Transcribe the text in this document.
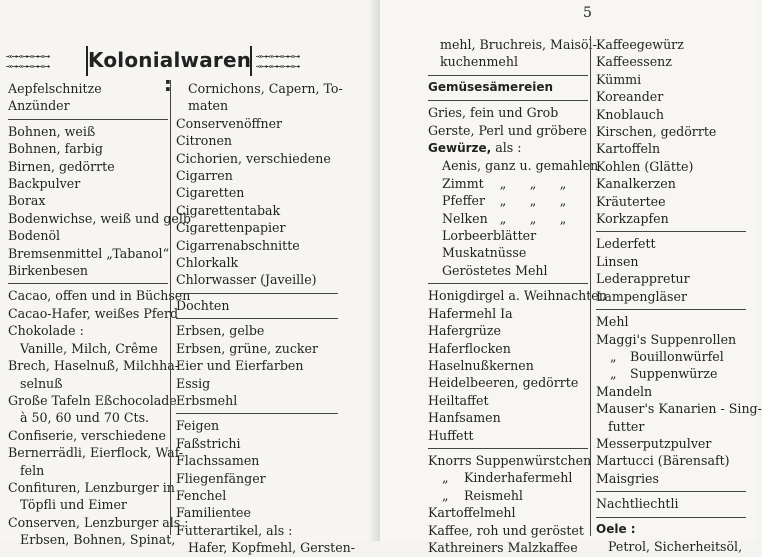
⊸⊶⊸⊶⊸⊶⊸⊶
⊸⊶⊸⊶⊸⊶⊸⊶ Kolonialwaren :
⊸⊶⊸⊶⊸⊶⊸⊶
⊸⊶⊸⊶⊸⊶⊸⊶
Aepfelschnitze
Anzünder
Bohnen, weiß
Bohnen, farbig
Birnen, gedörrte
Backpulver
Borax
Bodenwichse, weiß und gelb
Bodenöl
Bremsenmittel „Tabanol“
Birkenbesen
Cacao, offen und in Büchsen
Cacao-Hafer, weißes Pferd
Chokolade :
Vanille, Milch, Crême
Brech, Haselnuß, Milchha-
selnuß
Große Tafeln Eßchocolade
à 50, 60 und 70 Cts.
Confiserie, verschiedene
Bernerrädli, Eierflock, Waf-
feln
Confituren, Lenzburger in
Töpfli und Eimer
Conserven, Lenzburger als :
Erbsen, Bohnen, Spinat,
Cornichons, Capern, To-
maten
Conservenöffner
Citronen
Cichorien, verschiedene
Cigarren
Cigaretten
Cigarettentabak
Cigarettenpapier
Cigarrenabschnitte
Chlorkalk
Chlorwasser (Javeille)
Dochten
Erbsen, gelbe
Erbsen, grüne, zucker
Eier und Eierfarben
Essig
Erbsmehl
Feigen
Faßstrichi
Flachssamen
Fliegenfänger
Fenchel
Familientee
Futterartikel, als :
Hafer, Kopfmehl, Gersten-
5
mehl, Bruchreis, Maisöl-
kuchenmehl
Gemüsesämereien
Gries, fein und Grob
Gerste, Perl und gröbere
Gewürze, als :
Aenis, ganz u. gemahlen
Zimmt „ „ „
Pfeffer „ „ „
Nelken „ „ „
Lorbeerblätter
Muskatnüsse
Geröstetes Mehl
Honigdirgel a. Weihnachten
Hafermehl Ia
Hafergrüze
Haferflocken
Haselnußkernen
Heidelbeeren, gedörrte
Heiltaffet
Hanfsamen
Huffett
Knorrs Suppenwürstchen
„ Kinderhafermehl
„ Reismehl
Kartoffelmehl
Kaffee, roh und geröstet
Kathreiners Malzkaffee
Kaffeegewürz
Kaffeessenz
Kümmi
Koreander
Knoblauch
Kirschen, gedörrte
Kartoffeln
Kohlen (Glätte)
Kanalkerzen
Kräutertee
Korkzapfen
Lederfett
Linsen
Lederappretur
Lampengläser
Mehl
Maggi's Suppenrollen
„ Bouillonwürfel
„ Suppenwürze
Mandeln
Mauser's Kanarien - Sing-
futter
Messerputzpulver
Martucci (Bärensaft)
Maisgries
Nachtliechtli
Oele :
Petrol, Sicherheitsöl,
